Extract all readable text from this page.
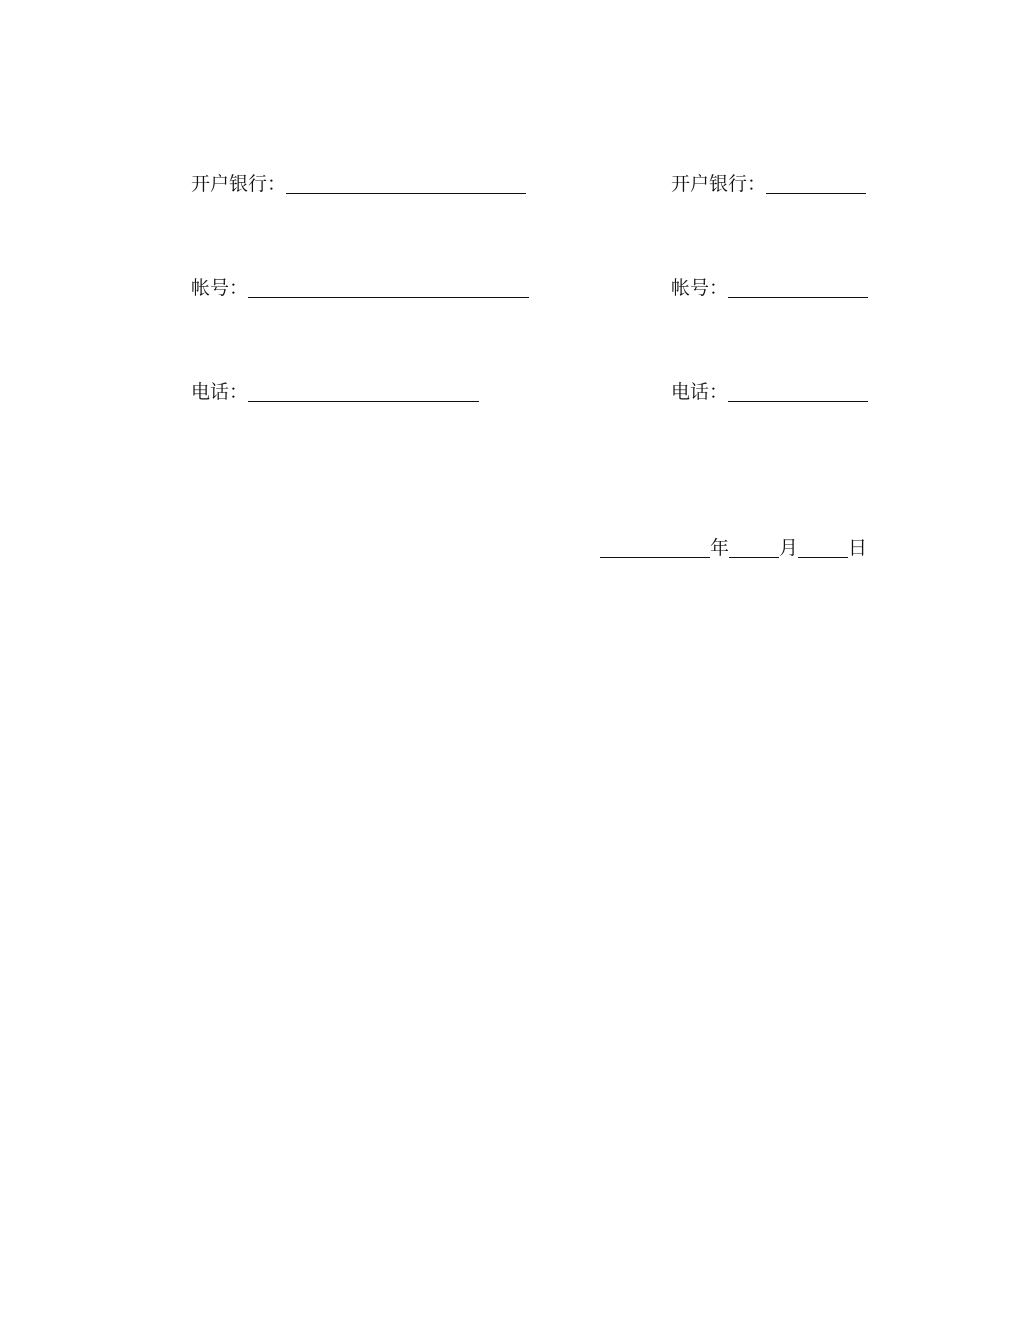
开户银行：
帐号：
电话：
开户银行：
帐号：
电话：
年	月	日
